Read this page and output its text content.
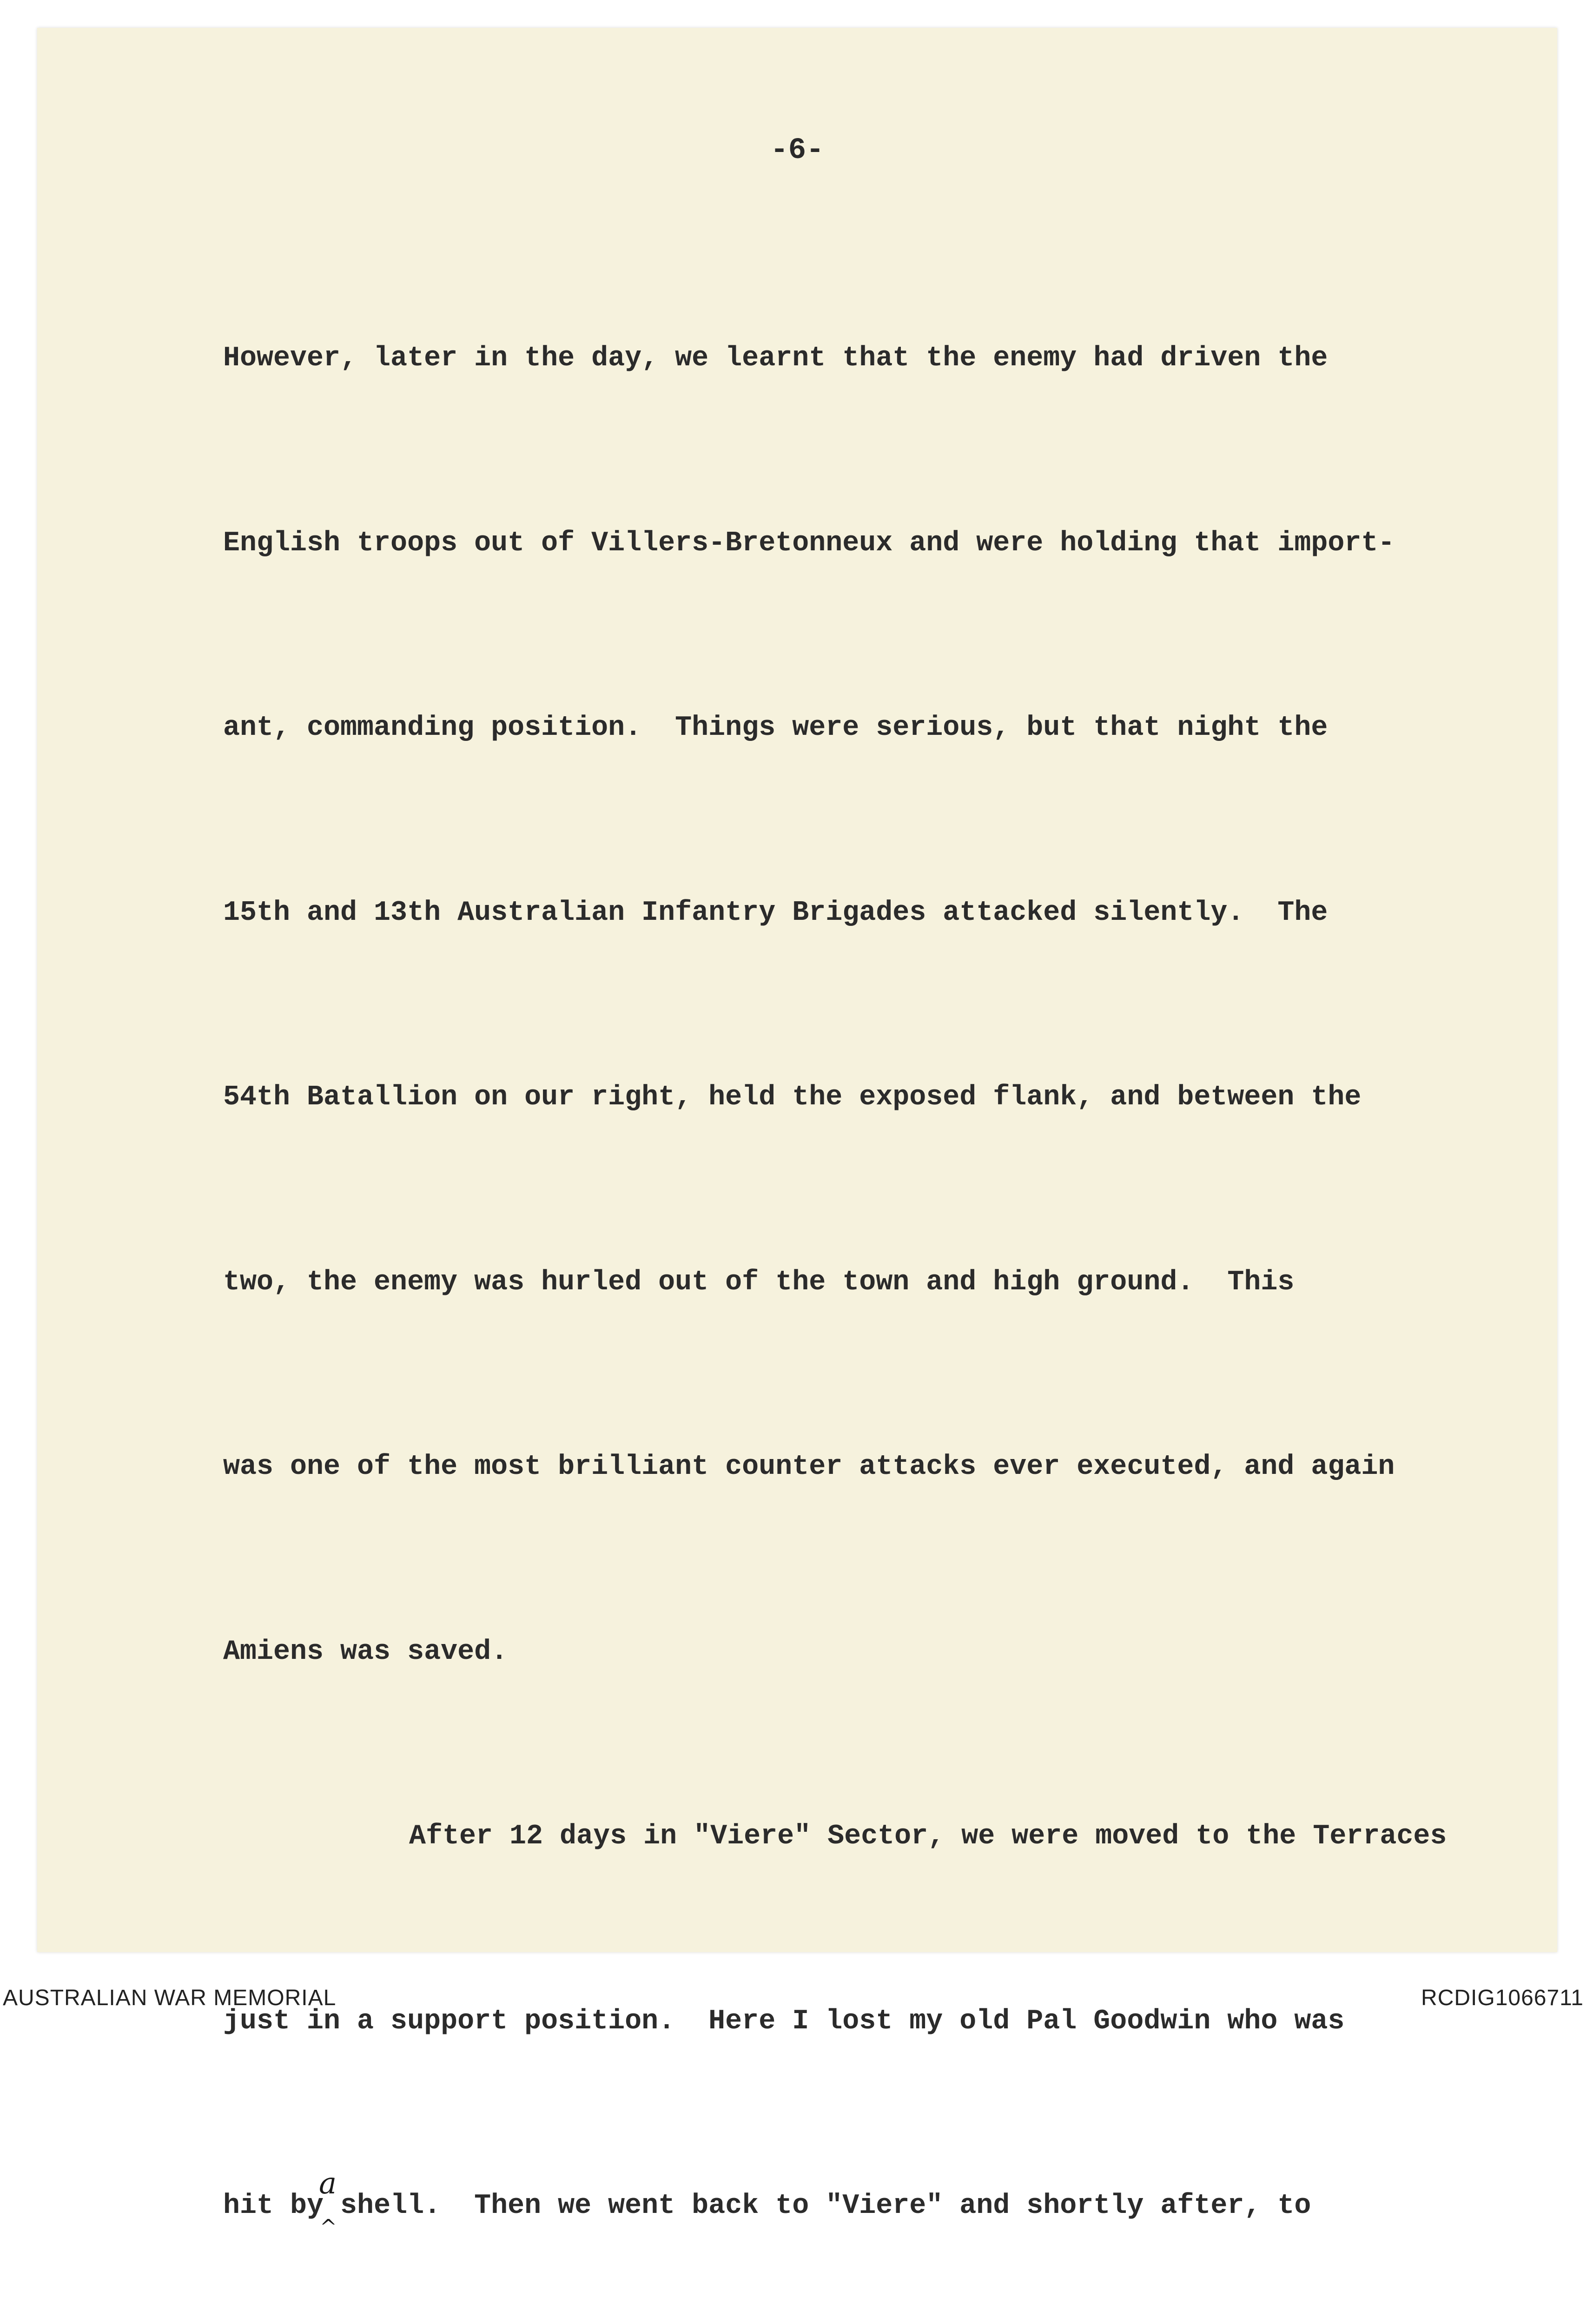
-6-

However, later in the day, we learnt that the enemy had driven the

English troops out of Villers-Bretonneux and were holding that import-

ant, commanding position.  Things were serious, but that night the

15th and 13th Australian Infantry Brigades attacked silently.  The

54th Batallion on our right, held the exposed flank, and between the

two, the enemy was hurled out of the town and high ground.  This

was one of the most brilliant counter attacks ever executed, and again

Amiens was saved.

After 12 days in "Viere" Sector, we were moved to the Terraces

just in a support position.  Here I lost my old Pal Goodwin who was

hit by
a
^
shell.  Then we went back to "Viere" and shortly after, to

AUSTRALIAN WAR MEMORIAL	RCDIG1066711
